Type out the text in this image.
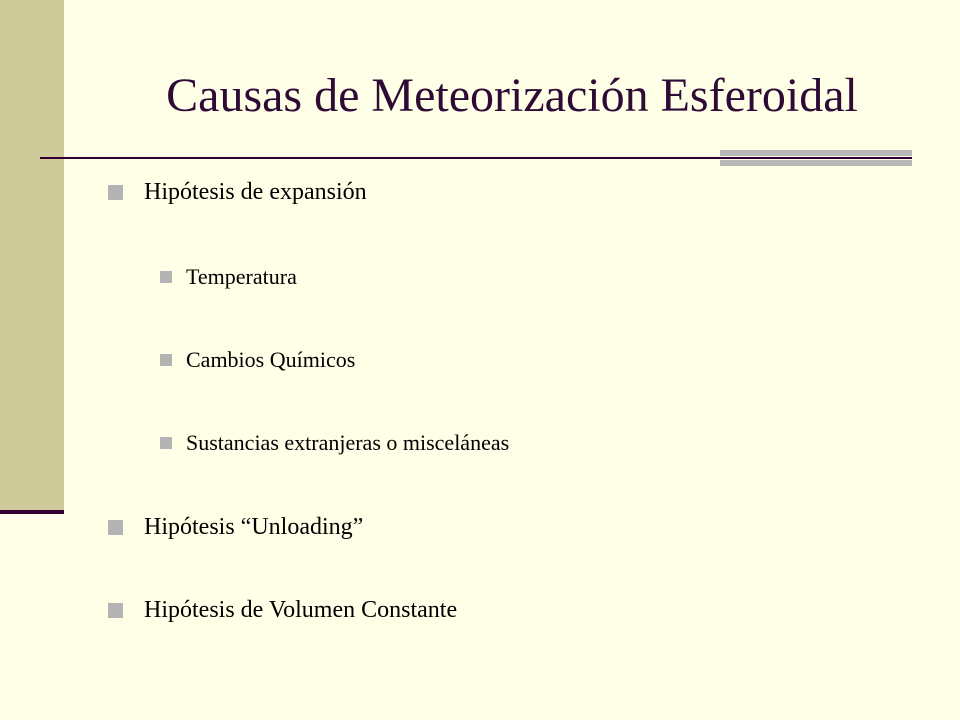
Causas de Meteorización Esferoidal
Hipótesis de expansión
Temperatura
Cambios Químicos
Sustancias extranjeras o misceláneas
Hipótesis “Unloading”
Hipótesis de Volumen Constante
